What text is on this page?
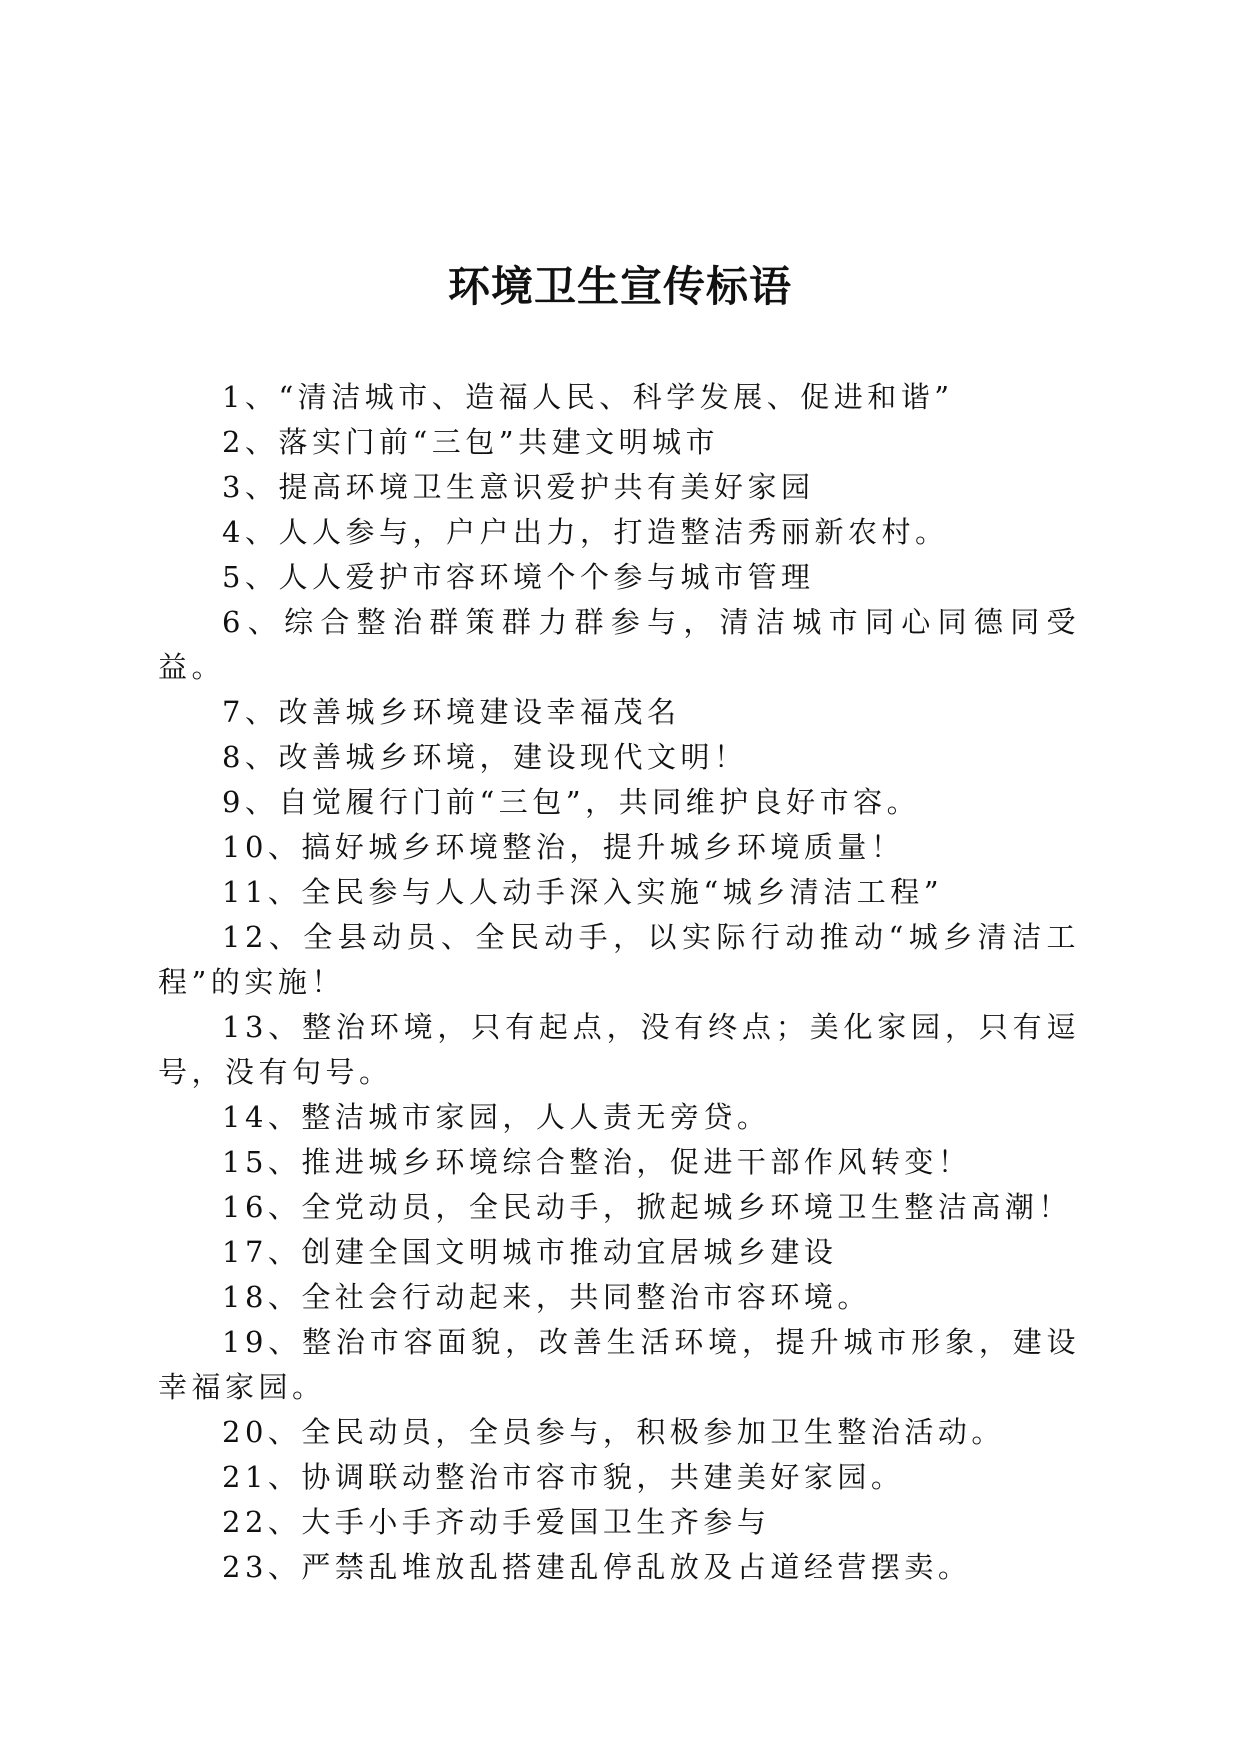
环境卫生宣传标语

1、“清洁城市、造福人民、科学发展、促进和谐”

2、落实门前“三包”共建文明城市

3、提高环境卫生意识爱护共有美好家园

4、人人参与，户户出力，打造整洁秀丽新农村。

5、人人爱护市容环境个个参与城市管理

6、综合整治群策群力群参与，清洁城市同心同德同受益。

7、改善城乡环境建设幸福茂名

8、改善城乡环境，建设现代文明！

9、自觉履行门前“三包”，共同维护良好市容。

10、搞好城乡环境整治，提升城乡环境质量！

11、全民参与人人动手深入实施“城乡清洁工程”

12、全县动员、全民动手，以实际行动推动“城乡清洁工程”的实施！

13、整治环境，只有起点，没有终点；美化家园，只有逗号，没有句号。

14、整洁城市家园，人人责无旁贷。

15、推进城乡环境综合整治，促进干部作风转变！

16、全党动员，全民动手，掀起城乡环境卫生整洁高潮！

17、创建全国文明城市推动宜居城乡建设

18、全社会行动起来，共同整治市容环境。

19、整治市容面貌，改善生活环境，提升城市形象，建设幸福家园。

20、全民动员，全员参与，积极参加卫生整治活动。

21、协调联动整治市容市貌，共建美好家园。

22、大手小手齐动手爱国卫生齐参与

23、严禁乱堆放乱搭建乱停乱放及占道经营摆卖。
